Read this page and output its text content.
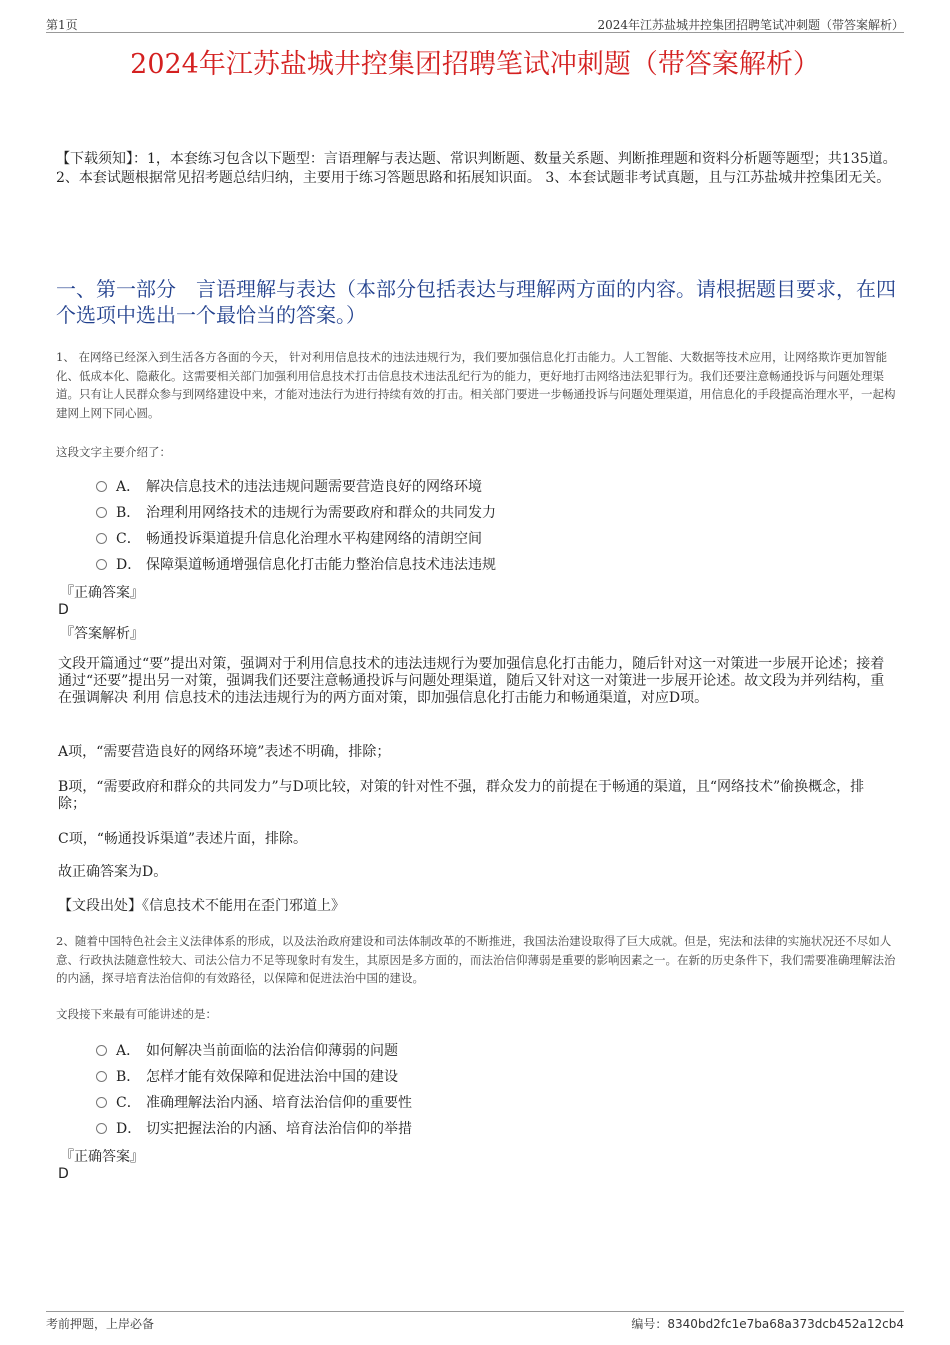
第1页	2024年江苏盐城井控集团招聘笔试冲刺题（带答案解析）
2024年江苏盐城井控集团招聘笔试冲刺题（带答案解析）
【下载须知】：1，本套练习包含以下题型：言语理解与表达题、常识判断题、数量关系题、判断推理题和资料分析题等题型；共135道。 2、本套试题根据常见招考题总结归纳，主要用于练习答题思路和拓展知识面。 3、本套试题非考试真题，且与江苏盐城井控集团无关。
一、第一部分　言语理解与表达（本部分包括表达与理解两方面的内容。请根据题目要求，在四个选项中选出一个最恰当的答案。）
1、 在网络已经深入到生活各方各面的今天， 针对利用信息技术的违法违规行为，我们要加强信息化打击能力。人工智能、大数据等技术应用，让网络欺诈更加智能化、低成本化、隐蔽化。这需要相关部门加强利用信息技术打击信息技术违法乱纪行为的能力，更好地打击网络违法犯罪行为。我们还要注意畅通投诉与问题处理渠道。只有让人民群众参与到网络建设中来，才能对违法行为进行持续有效的打击。相关部门要进一步畅通投诉与问题处理渠道，用信息化的手段提高治理水平，一起构建网上网下同心圆。
这段文字主要介绍了：
A． 解决信息技术的违法违规问题需要营造良好的网络环境
B． 治理利用网络技术的违规行为需要政府和群众的共同发力
C． 畅通投诉渠道提升信息化治理水平构建网络的清朗空间
D． 保障渠道畅通增强信息化打击能力整治信息技术违法违规
『正确答案』
D
『答案解析』
文段开篇通过“要”提出对策，强调对于利用信息技术的违法违规行为要加强信息化打击能力，随后针对这一对策进一步展开论述；接着通过“还要”提出另一对策，强调我们还要注意畅通投诉与问题处理渠道，随后又针对这一对策进一步展开论述。故文段为并列结构，重在强调解决 利用 信息技术的违法违规行为的两方面对策，即加强信息化打击能力和畅通渠道，对应D项。
A项，“需要营造良好的网络环境”表述不明确，排除；
B项，“需要政府和群众的共同发力”与D项比较，对策的针对性不强，群众发力的前提在于畅通的渠道，且“网络技术”偷换概念，排除；
C项，“畅通投诉渠道”表述片面，排除。
故正确答案为D。
【文段出处】《信息技术不能用在歪门邪道上》
2、随着中国特色社会主义法律体系的形成，以及法治政府建设和司法体制改革的不断推进，我国法治建设取得了巨大成就。但是，宪法和法律的实施状况还不尽如人意、行政执法随意性较大、司法公信力不足等现象时有发生，其原因是多方面的，而法治信仰薄弱是重要的影响因素之一。在新的历史条件下，我们需要准确理解法治的内涵，探寻培育法治信仰的有效路径，以保障和促进法治中国的建设。
文段接下来最有可能讲述的是：
A． 如何解决当前面临的法治信仰薄弱的问题
B． 怎样才能有效保障和促进法治中国的建设
C． 准确理解法治内涵、培育法治信仰的重要性
D． 切实把握法治的内涵、培育法治信仰的举措
『正确答案』
D
考前押题，上岸必备	编号：8340bd2fc1e7ba68a373dcb452a12cb4
